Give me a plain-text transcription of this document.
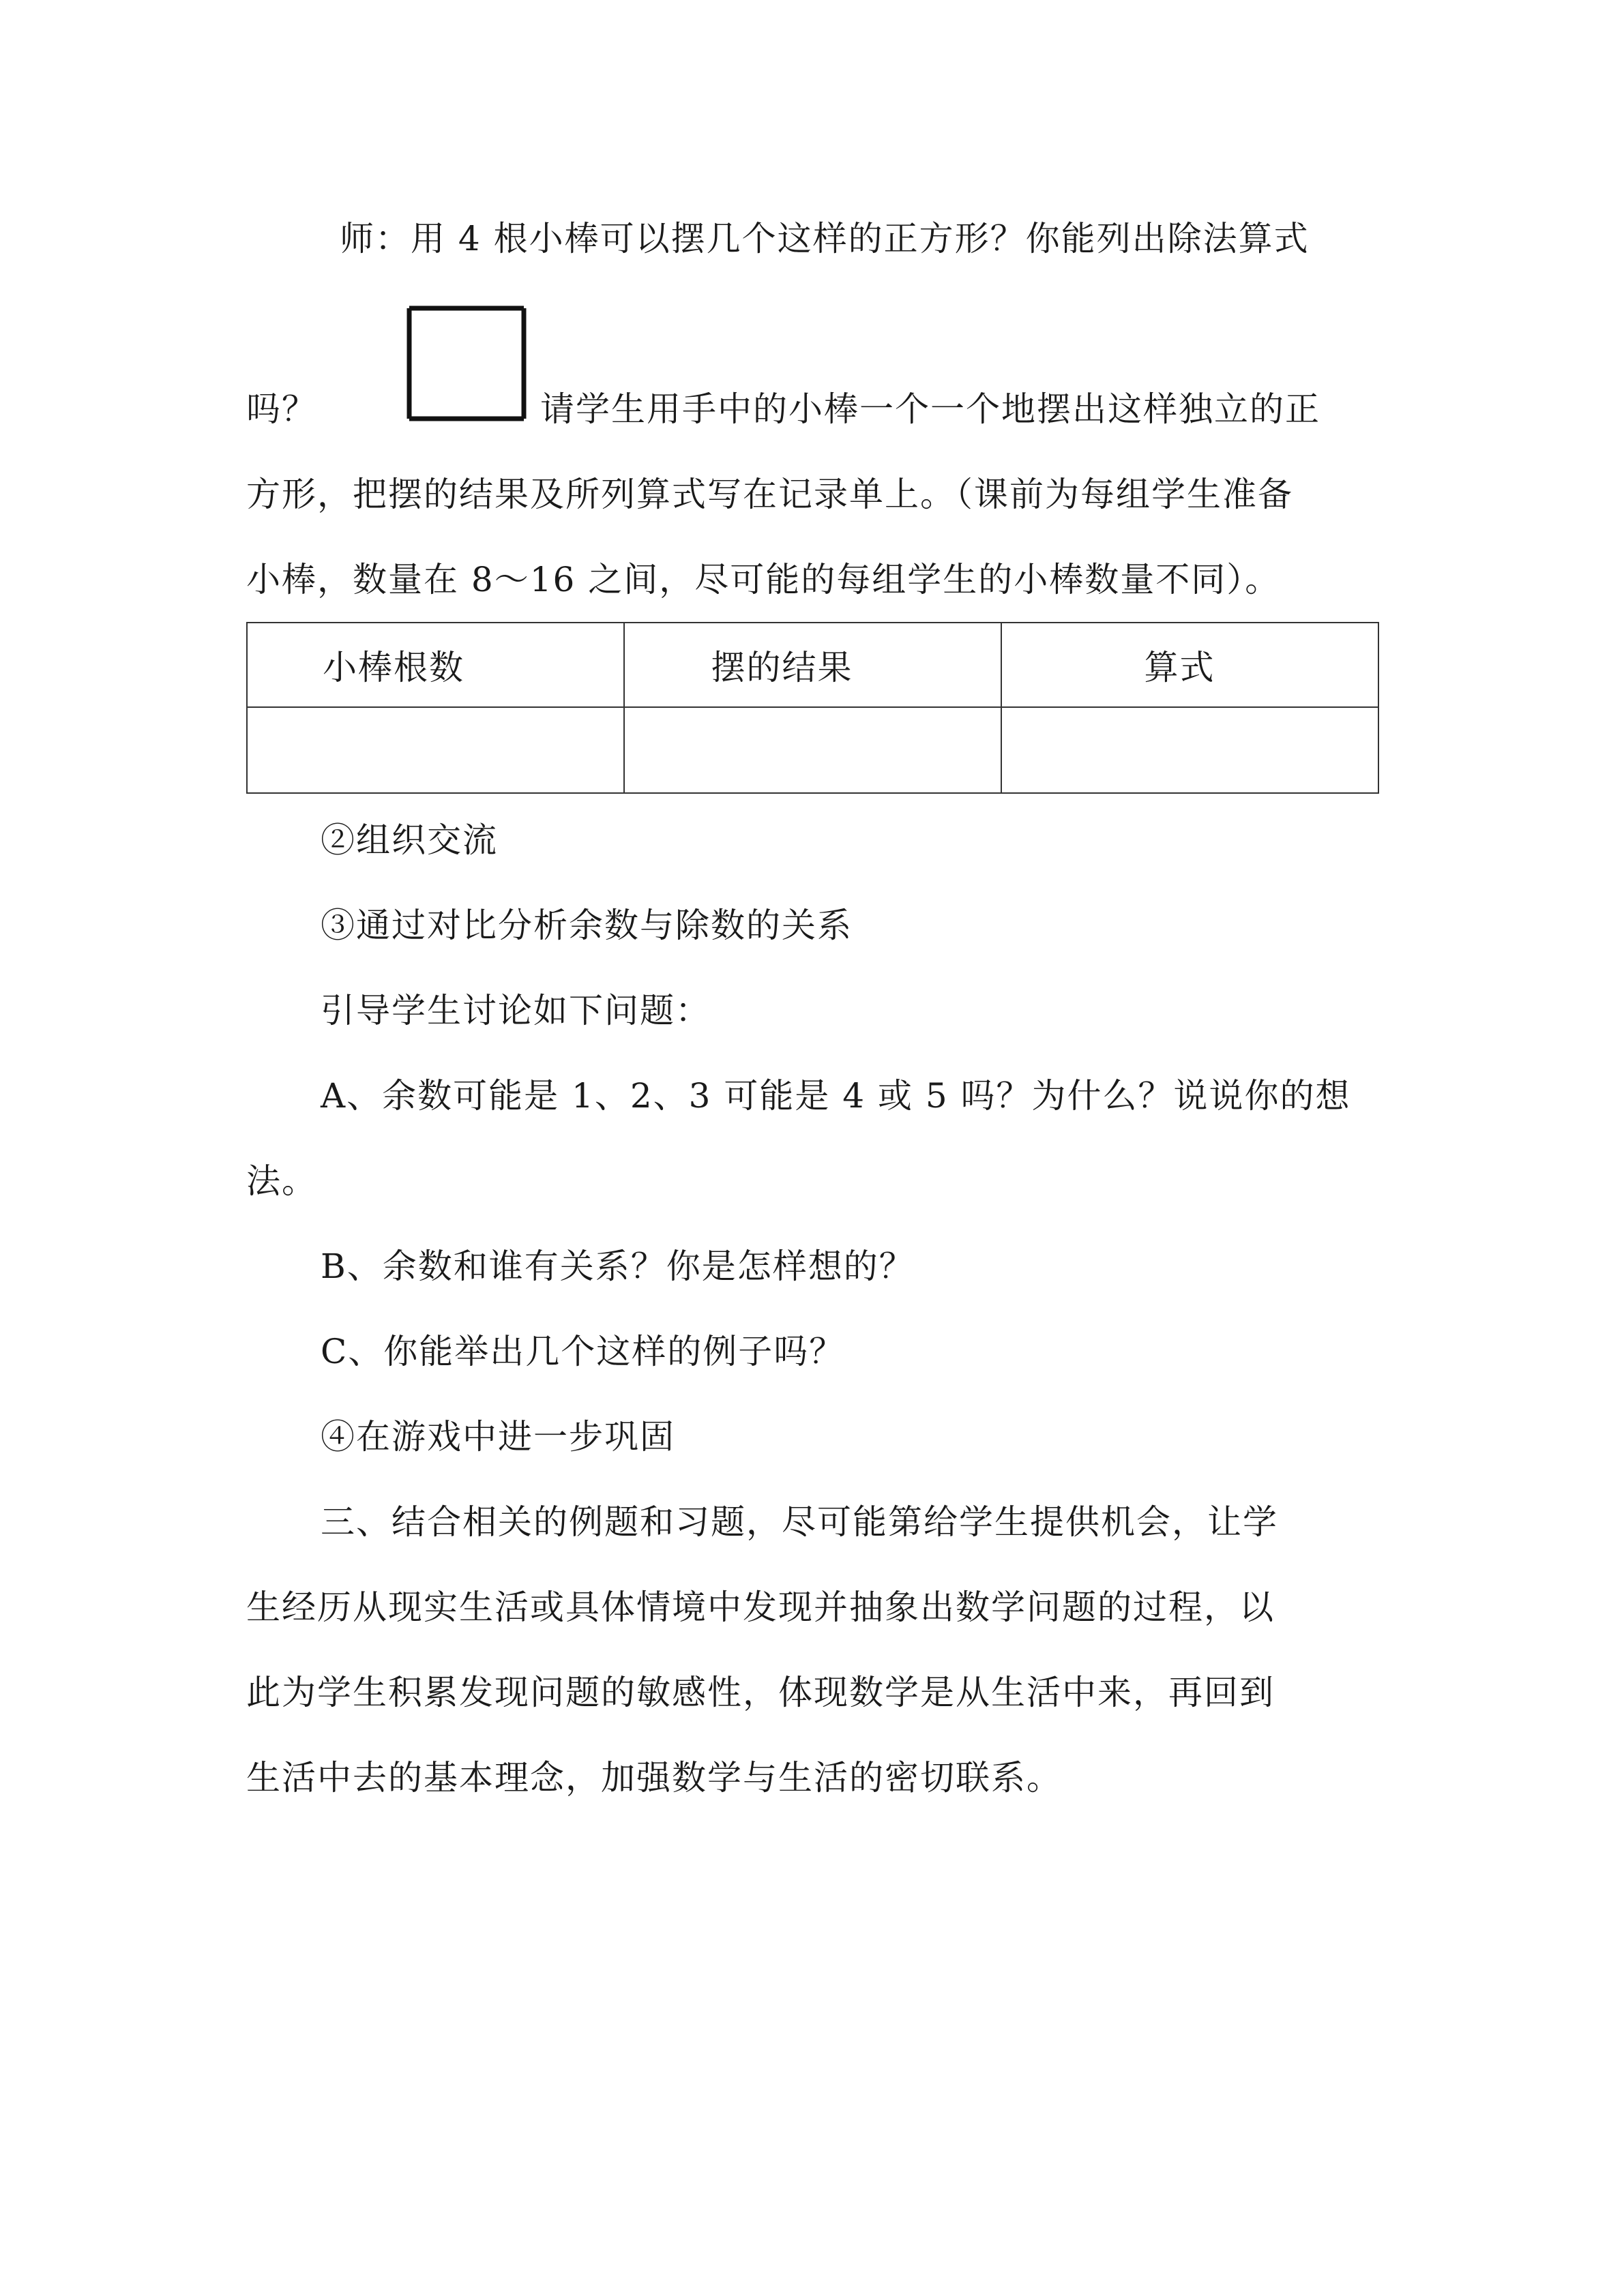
师：用 4 根小棒可以摆几个这样的正方形？你能列出除法算式
吗？	请学生用手中的小棒一个一个地摆出这样独立的正
方形，把摆的结果及所列算式写在记录单上。（课前为每组学生准备
小棒，数量在 8～16 之间，尽可能的每组学生的小棒数量不同）。
小棒根数	摆的结果	算式

②组织交流
③通过对比分析余数与除数的关系
引导学生讨论如下问题：
A、余数可能是 1、2、3 可能是 4 或 5 吗？为什么？说说你的想
法。
B、余数和谁有关系？你是怎样想的？
C、你能举出几个这样的例子吗？
④在游戏中进一步巩固
三、结合相关的例题和习题，尽可能第给学生提供机会，让学
生经历从现实生活或具体情境中发现并抽象出数学问题的过程，以
此为学生积累发现问题的敏感性，体现数学是从生活中来，再回到
生活中去的基本理念，加强数学与生活的密切联系。
